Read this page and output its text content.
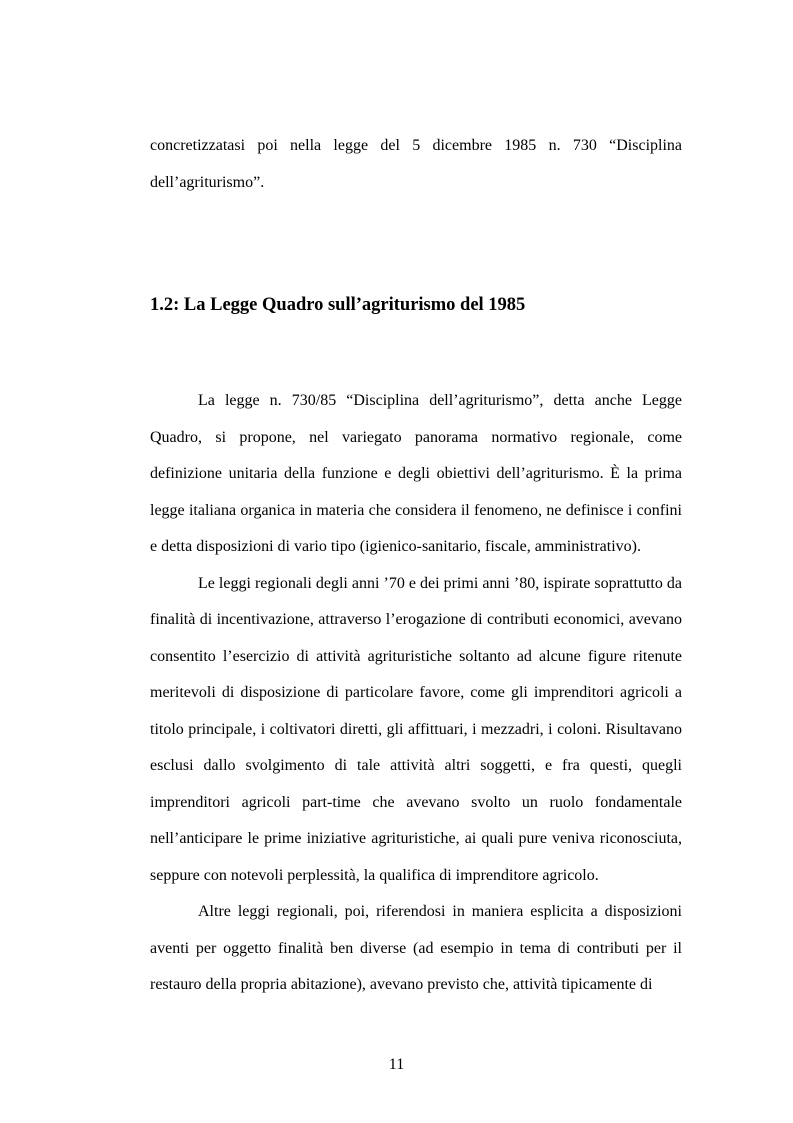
concretizzatasi poi nella legge del 5 dicembre 1985 n. 730 “Disciplina dell’agriturismo”.

1.2: La Legge Quadro sull’agriturismo del 1985

La legge n. 730/85 “Disciplina dell’agriturismo”, detta anche Legge Quadro, si propone, nel variegato panorama normativo regionale, come definizione unitaria della funzione e degli obiettivi dell’agriturismo. È la prima legge italiana organica in materia che considera il fenomeno, ne definisce i confini e detta disposizioni di vario tipo (igienico-sanitario, fiscale, amministrativo).

Le leggi regionali degli anni ’70 e dei primi anni ’80, ispirate soprattutto da finalità di incentivazione, attraverso l’erogazione di contributi economici, avevano consentito l’esercizio di attività agrituristiche soltanto ad alcune figure ritenute meritevoli di disposizione di particolare favore, come gli imprenditori agricoli a titolo principale, i coltivatori diretti, gli affittuari, i mezzadri, i coloni. Risultavano esclusi dallo svolgimento di tale attività altri soggetti, e fra questi, quegli imprenditori agricoli part-time che avevano svolto un ruolo fondamentale nell’anticipare le prime iniziative agrituristiche, ai quali pure veniva riconosciuta, seppure con notevoli perplessità, la qualifica di imprenditore agricolo.

Altre leggi regionali, poi, riferendosi in maniera esplicita a disposizioni aventi per oggetto finalità ben diverse (ad esempio in tema di contributi per il restauro della propria abitazione), avevano previsto che, attività tipicamente di

11
